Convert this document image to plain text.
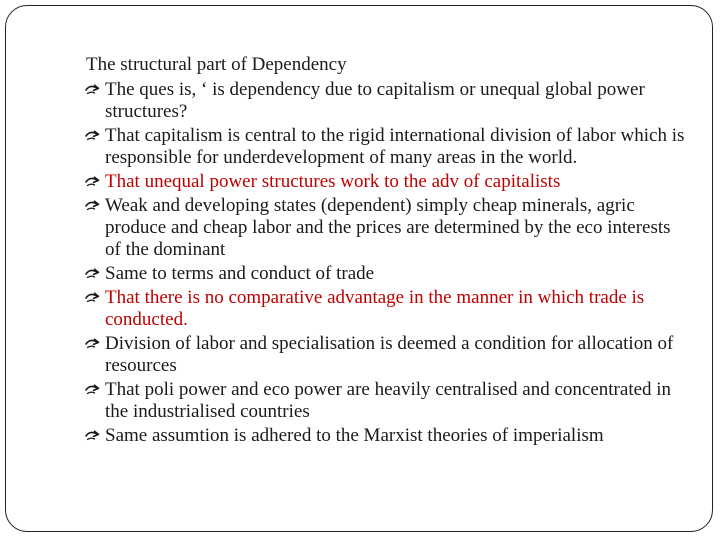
The structural part of Dependency
The ques is, ‘ is dependency due to capitalism or unequal global power structures?
That capitalism is central to the rigid international division of labor which is responsible for underdevelopment of many areas in the world.
That unequal power structures work to the adv of capitalists
Weak and developing states (dependent) simply cheap minerals, agric produce and cheap labor and the prices are determined by the eco interests of the dominant
Same to terms and conduct of trade
That there is no comparative advantage in the manner in which trade is conducted.
Division of labor and specialisation is deemed a condition for allocation of resources
That poli power and eco power are heavily centralised and concentrated in the industrialised countries
Same assumtion is adhered to the Marxist theories of imperialism
